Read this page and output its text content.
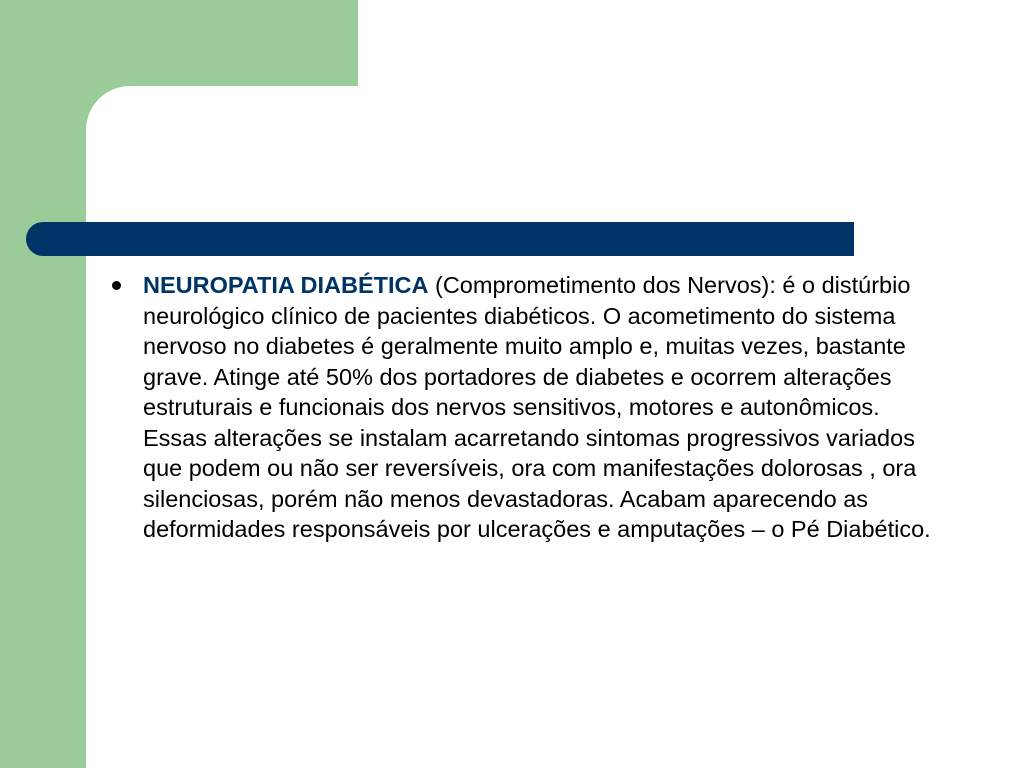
NEUROPATIA DIABÉTICA (Comprometimento dos Nervos): é o distúrbio neurológico clínico de pacientes diabéticos. O acometimento do sistema nervoso no diabetes é geralmente muito amplo e, muitas vezes, bastante grave. Atinge até 50% dos portadores de diabetes e ocorrem alterações estruturais e funcionais dos nervos sensitivos, motores e autonômicos. Essas alterações se instalam acarretando sintomas progressivos variados que podem ou não ser reversíveis, ora com manifestações dolorosas , ora silenciosas, porém não menos devastadoras. Acabam aparecendo as deformidades responsáveis por ulcerações e amputações – o Pé Diabético.
